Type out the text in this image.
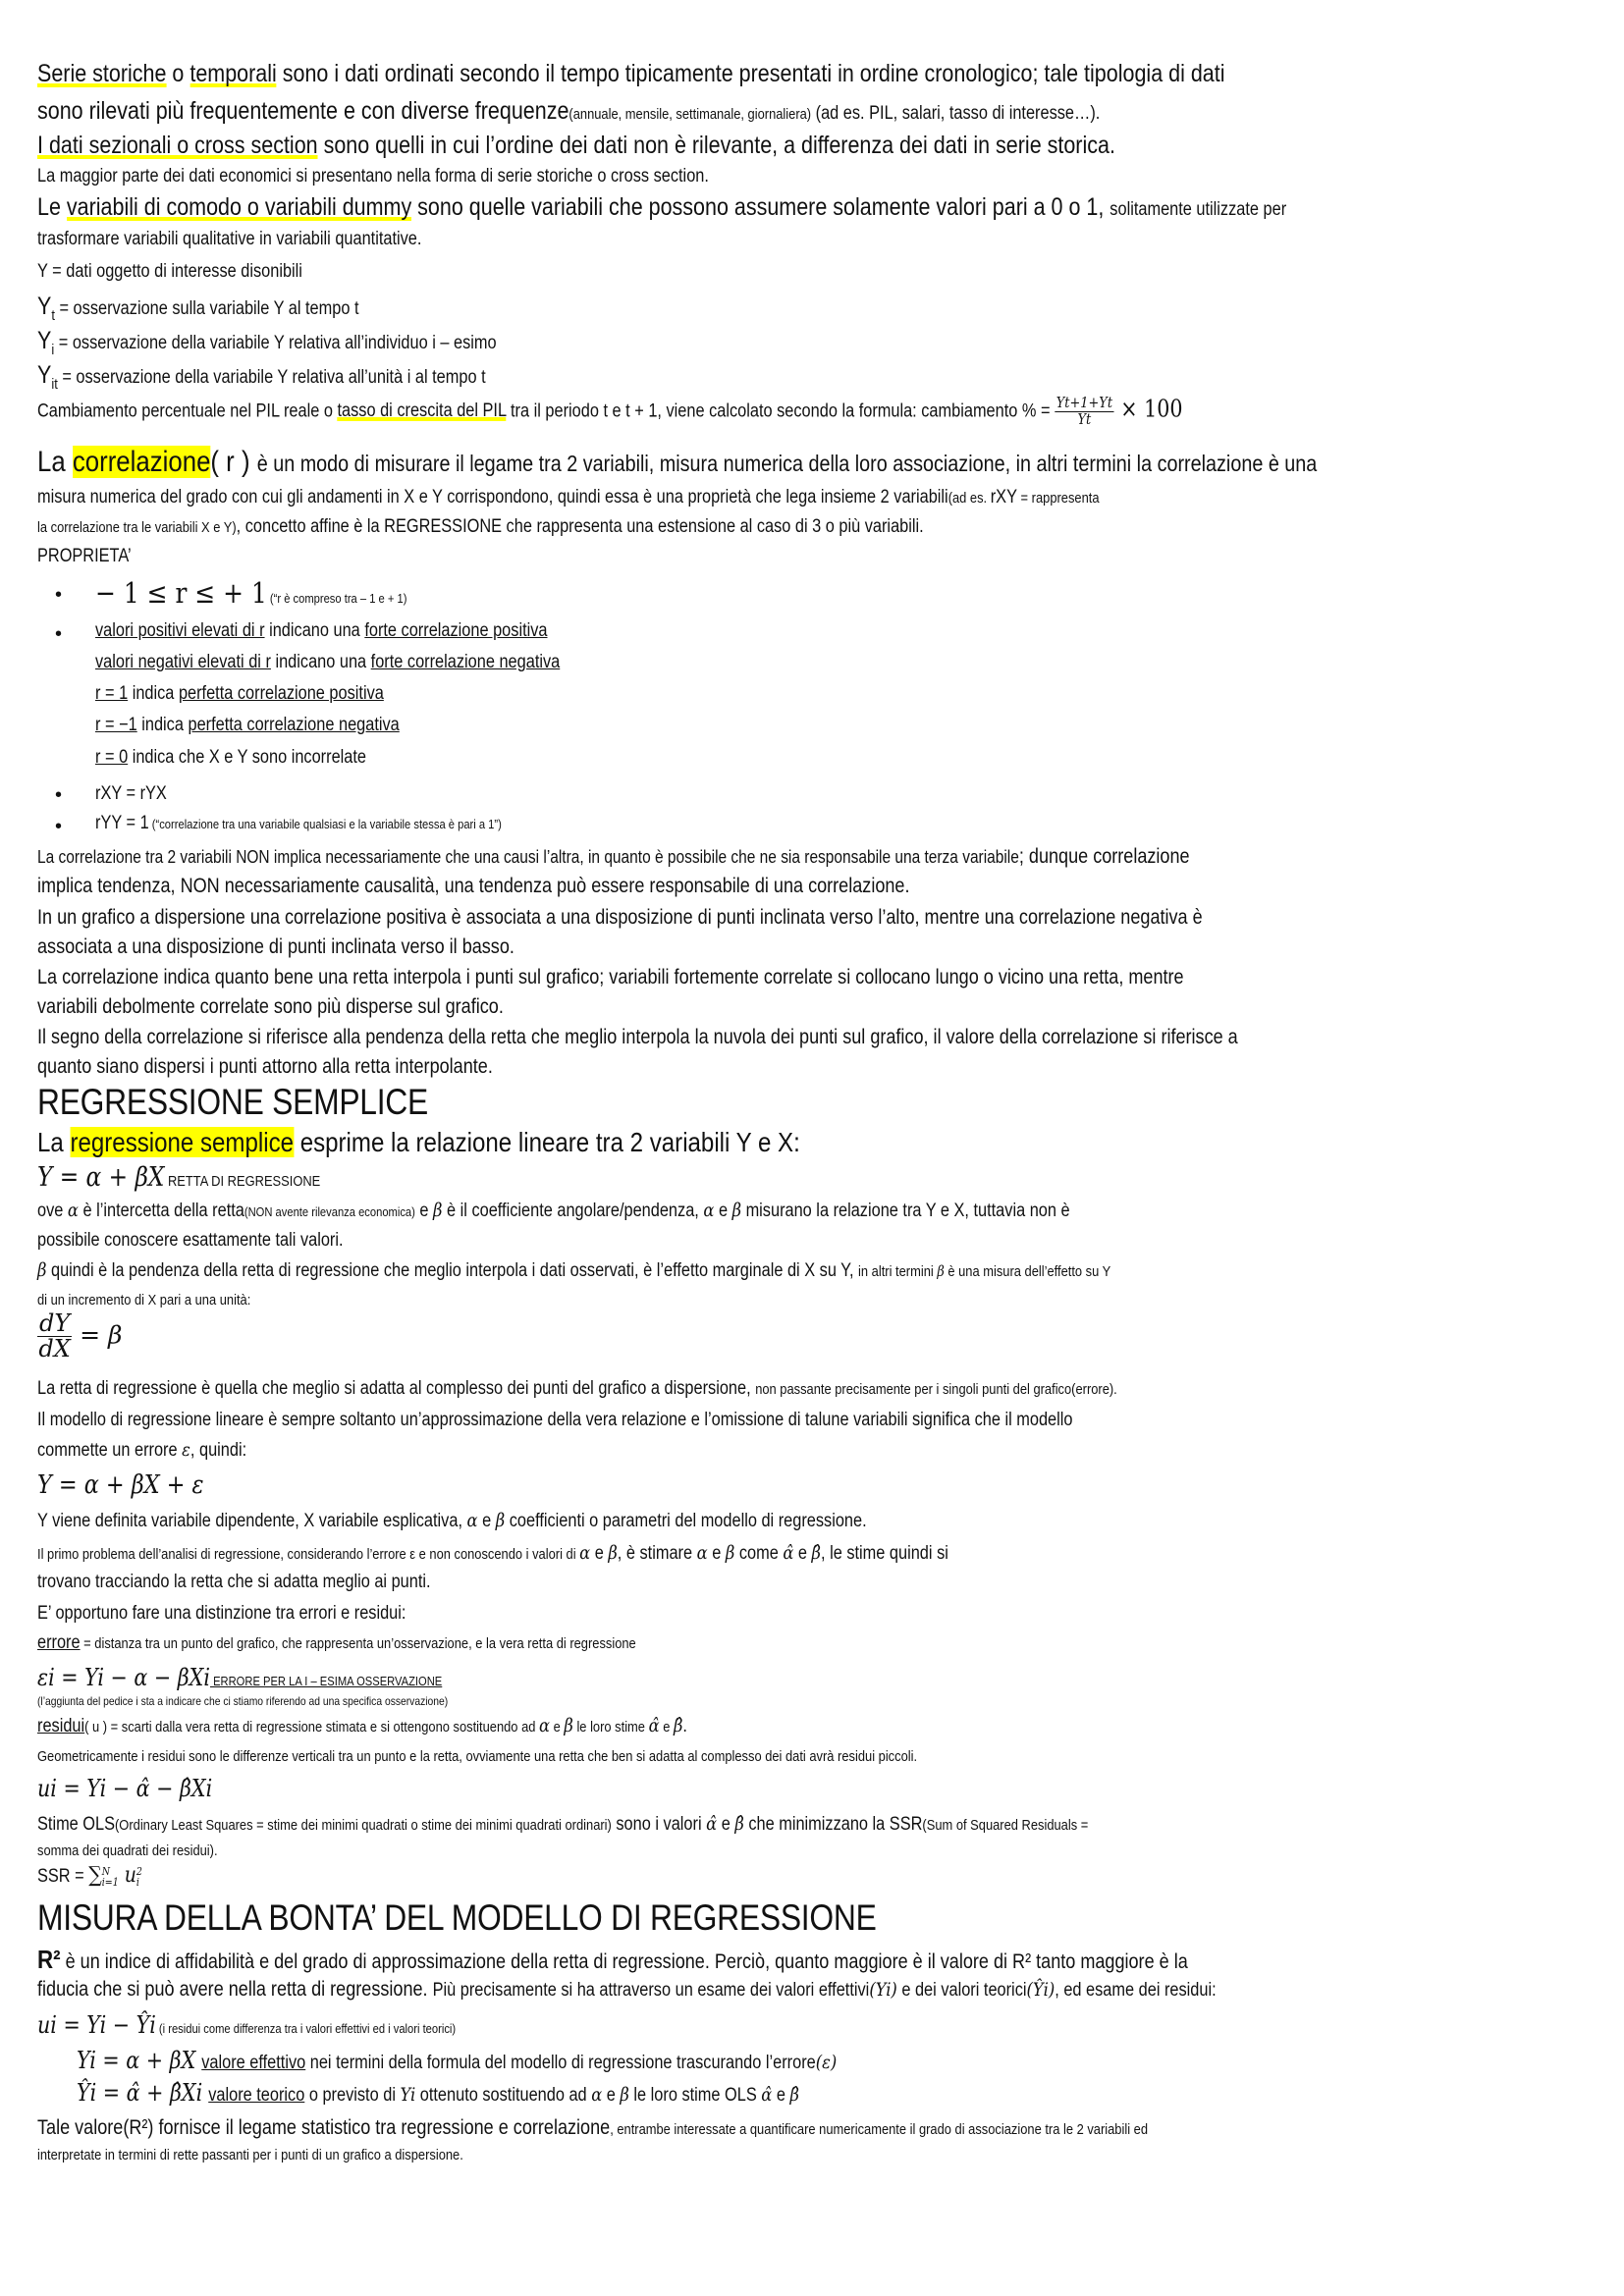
Serie storiche o temporali sono i dati ordinati secondo il tempo tipicamente presentati in ordine cronologico; tale tipologia di dati
sono rilevati più frequentemente e con diverse frequenze(annuale, mensile, settimanale, giornaliera) (ad es. PIL, salari, tasso di interesse…).
I dati sezionali o cross section sono quelli in cui l’ordine dei dati non è rilevante, a differenza dei dati in serie storica.
La maggior parte dei dati economici si presentano nella forma di serie storiche o cross section.
Le variabili di comodo o variabili dummy sono quelle variabili che possono assumere solamente valori pari a 0 o 1, solitamente utilizzate per
trasformare variabili qualitative in variabili quantitative.
Y = dati oggetto di interesse disonibili
$Y_t$ = osservazione sulla variabile Y al tempo t
$Y_i$ = osservazione della variabile Y relativa all’individuo i – esimo
$Y_{it}$ = osservazione della variabile Y relativa all’unità i al tempo t
Cambiamento percentuale nel PIL reale o tasso di crescita del PIL tra il periodo t e t + 1, viene calcolato secondo la formula: cambiamento % = $\frac{Yt+1+Yt}{Yt} \times 100$
La correlazione( r ) è un modo di misurare il legame tra 2 variabili, misura numerica della loro associazione, in altri termini la correlazione è una
misura numerica del grado con cui gli andamenti in X e Y corrispondono, quindi essa è una proprietà che lega insieme 2 variabili(ad es. rXY = rappresenta
la correlazione tra le variabili X e Y), concetto affine è la REGRESSIONE che rappresenta una estensione al caso di 3 o più variabili.
PROPRIETA’
• − 1 ≤ r ≤ + 1 (“r è compreso tra – 1 e + 1)
• valori positivi elevati di r indicano una forte correlazione positiva
valori negativi elevati di r indicano una forte correlazione negativa
r = 1 indica perfetta correlazione positiva
r = −1 indica perfetta correlazione negativa
r = 0 indica che X e Y sono incorrelate
• rXY = rYX
• rYY = 1 (“correlazione tra una variabile qualsiasi e la variabile stessa è pari a 1”)
La correlazione tra 2 variabili NON implica necessariamente che una causi l’altra, in quanto è possibile che ne sia responsabile una terza variabile; dunque correlazione
implica tendenza, NON necessariamente causalità, una tendenza può essere responsabile di una correlazione.
In un grafico a dispersione una correlazione positiva è associata a una disposizione di punti inclinata verso l’alto, mentre una correlazione negativa è
associata a una disposizione di punti inclinata verso il basso.
La correlazione indica quanto bene una retta interpola i punti sul grafico; variabili fortemente correlate si collocano lungo o vicino una retta, mentre
variabili debolmente correlate sono più disperse sul grafico.
Il segno della correlazione si riferisce alla pendenza della retta che meglio interpola la nuvola dei punti sul grafico, il valore della correlazione si riferisce a
quanto siano dispersi i punti attorno alla retta interpolante.
REGRESSIONE SEMPLICE
La regressione semplice esprime la relazione lineare tra 2 variabili Y e X:
Y = α + βX RETTA DI REGRESSIONE
ove α è l’intercetta della retta(NON avente rilevanza economica) e β è il coefficiente angolare/pendenza, α e β misurano la relazione tra Y e X, tuttavia non è
possibile conoscere esattamente tali valori.
β quindi è la pendenza della retta di regressione che meglio interpola i dati osservati, è l’effetto marginale di X su Y, in altri termini β è una misura dell’effetto su Y
di un incremento di X pari a una unità:
$\frac{dY}{dX} = \beta$
La retta di regressione è quella che meglio si adatta al complesso dei punti del grafico a dispersione, non passante precisamente per i singoli punti del grafico(errore).
Il modello di regressione lineare è sempre soltanto un’approssimazione della vera relazione e l’omissione di talune variabili significa che il modello
commette un errore ε, quindi:
Y = α + βX + ε
Y viene definita variabile dipendente, X variabile esplicativa, α e β coefficienti o parametri del modello di regressione.
Il primo problema dell’analisi di regressione, considerando l’errore ε e non conoscendo i valori di α e β, è stimare α e β come α̂ e β̂, le stime quindi si
trovano tracciando la retta che si adatta meglio ai punti.
E’ opportuno fare una distinzione tra errori e residui:
errore = distanza tra un punto del grafico, che rappresenta un’osservazione, e la vera retta di regressione
εi = Yi − α − βXi ERRORE PER LA I – ESIMA OSSERVAZIONE
(l’aggiunta del pedice i sta a indicare che ci stiamo riferendo ad una specifica osservazione)
residui( u ) = scarti dalla vera retta di regressione stimata e si ottengono sostituendo ad α e β le loro stime α̂ e β̂.
Geometricamente i residui sono le differenze verticali tra un punto e la retta, ovviamente una retta che ben si adatta al complesso dei dati avrà residui piccoli.
ui = Yi − α̂ − β̂Xi
Stime OLS(Ordinary Least Squares = stime dei minimi quadrati o stime dei minimi quadrati ordinari) sono i valori α̂ e β̂ che minimizzano la SSR(Sum of Squared Residuals =
somma dei quadrati dei residui).
SSR = ∑ N
i=1 u 2
i
MISURA DELLA BONTA’ DEL MODELLO DI REGRESSIONE
R² è un indice di affidabilità e del grado di approssimazione della retta di regressione. Perciò, quanto maggiore è il valore di R² tanto maggiore è la
fiducia che si può avere nella retta di regressione. Più precisamente si ha attraverso un esame dei valori effettivi(Yi) e dei valori teorici(Ŷi), ed esame dei residui:
ui = Yi − Ŷi (i residui come differenza tra i valori effettivi ed i valori teorici)
Yi = α + βX valore effettivo nei termini della formula del modello di regressione trascurando l’errore(ε)
Ŷi = α̂ + β̂Xi valore teorico o previsto di Yi ottenuto sostituendo ad α e β le loro stime OLS α̂ e β̂
Tale valore(R²) fornisce il legame statistico tra regressione e correlazione, entrambe interessate a quantificare numericamente il grado di associazione tra le 2 variabili ed
interpretate in termini di rette passanti per i punti di un grafico a dispersione.
